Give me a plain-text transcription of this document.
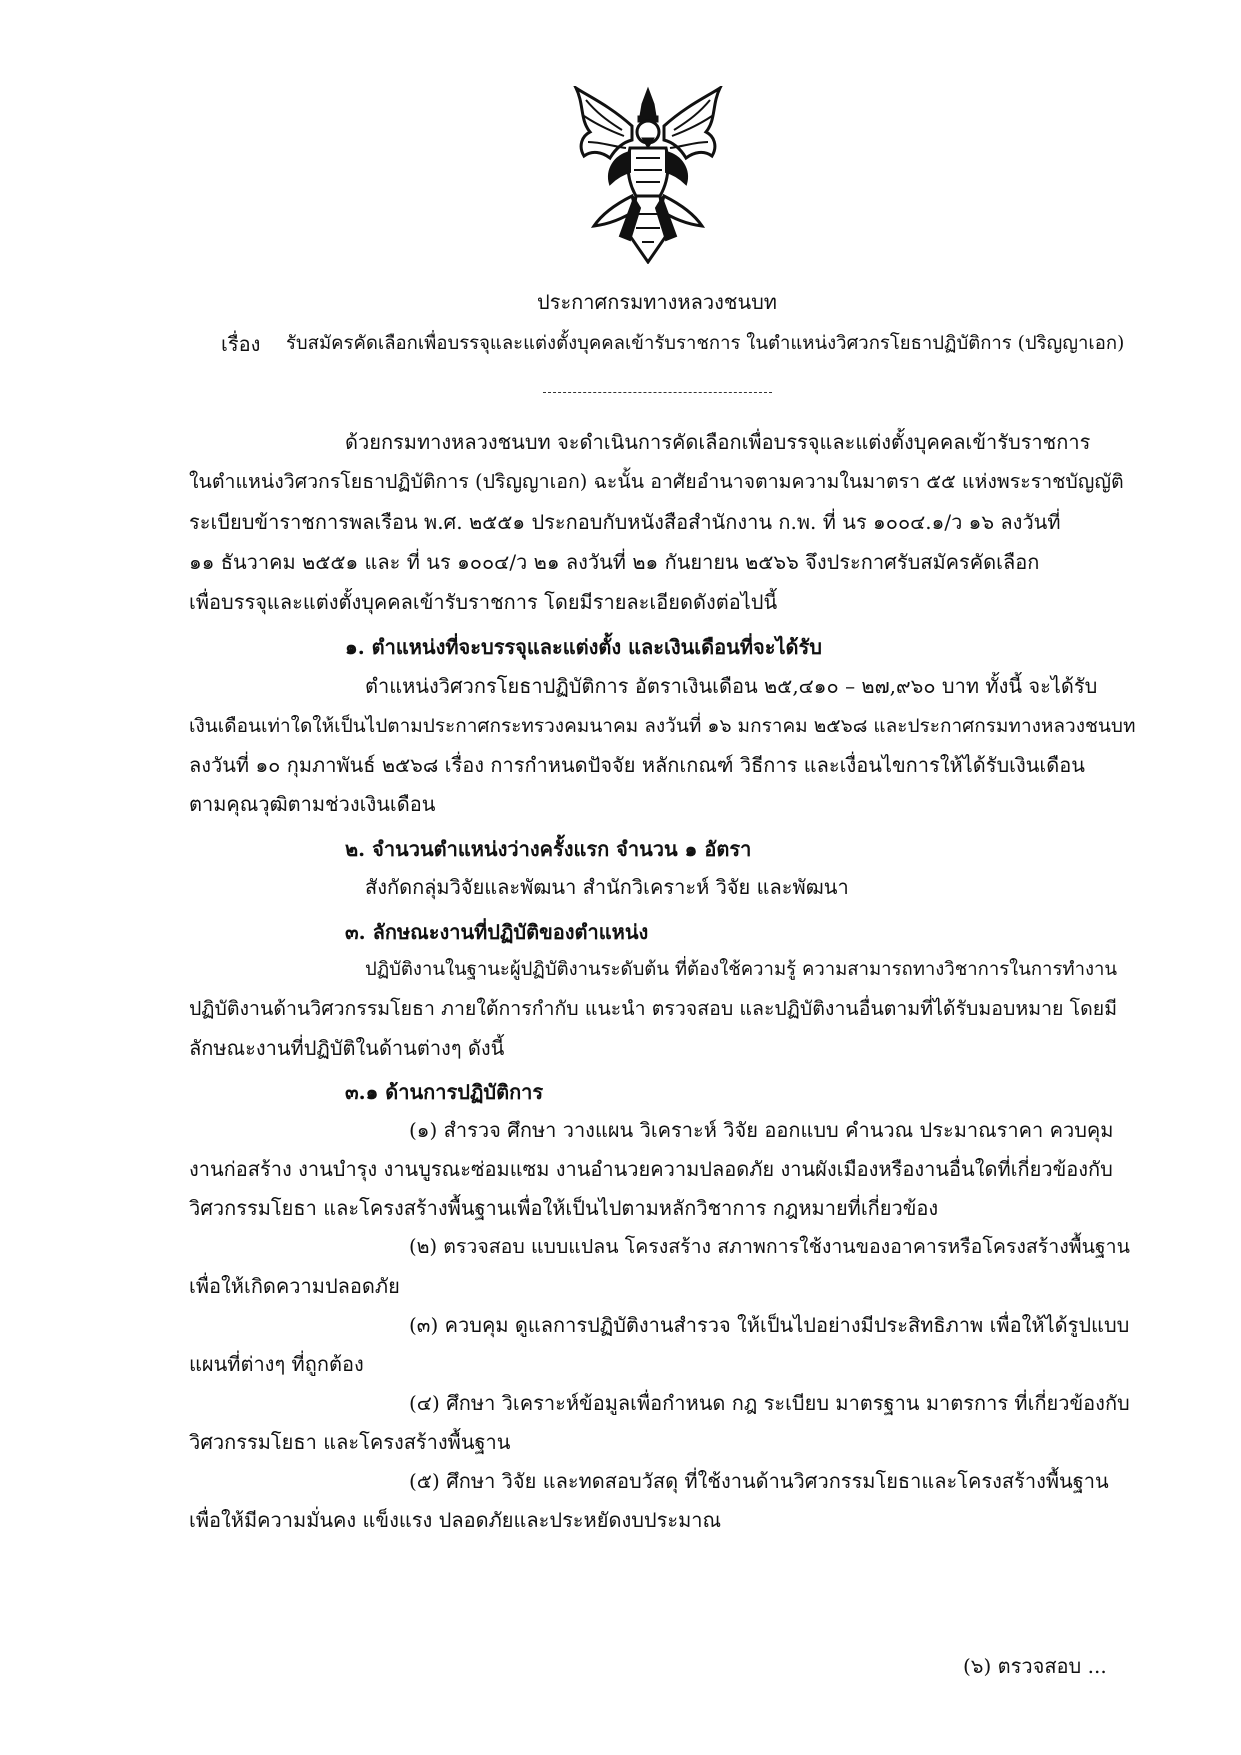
ประกาศกรมทางหลวงชนบท
เรื่อง รับสมัครคัดเลือกเพื่อบรรจุและแต่งตั้งบุคคลเข้ารับราชการ ในตำแหน่งวิศวกรโยธาปฏิบัติการ (ปริญญาเอก)
ด้วยกรมทางหลวงชนบท จะดำเนินการคัดเลือกเพื่อบรรจุและแต่งตั้งบุคคลเข้ารับราชการ
ในตำแหน่งวิศวกรโยธาปฏิบัติการ (ปริญญาเอก) ฉะนั้น อาศัยอำนาจตามความในมาตรา ๕๕ แห่งพระราชบัญญัติ
ระเบียบข้าราชการพลเรือน พ.ศ. ๒๕๕๑ ประกอบกับหนังสือสำนักงาน ก.พ. ที่ นร ๑๐๐๔.๑/ว ๑๖ ลงวันที่
๑๑ ธันวาคม ๒๕๕๑ และ ที่ นร ๑๐๐๔/ว ๒๑ ลงวันที่ ๒๑ กันยายน ๒๕๖๖ จึงประกาศรับสมัครคัดเลือก
เพื่อบรรจุและแต่งตั้งบุคคลเข้ารับราชการ โดยมีรายละเอียดดังต่อไปนี้
๑. ตำแหน่งที่จะบรรจุและแต่งตั้ง และเงินเดือนที่จะได้รับ
ตำแหน่งวิศวกรโยธาปฏิบัติการ อัตราเงินเดือน ๒๕,๔๑๐ – ๒๗,๙๖๐ บาท ทั้งนี้ จะได้รับ
เงินเดือนเท่าใดให้เป็นไปตามประกาศกระทรวงคมนาคม ลงวันที่ ๑๖ มกราคม ๒๕๖๘ และประกาศกรมทางหลวงชนบท
ลงวันที่ ๑๐ กุมภาพันธ์ ๒๕๖๘ เรื่อง การกำหนดปัจจัย หลักเกณฑ์ วิธีการ และเงื่อนไขการให้ได้รับเงินเดือน
ตามคุณวุฒิตามช่วงเงินเดือน
๒. จำนวนตำแหน่งว่างครั้งแรก จำนวน ๑ อัตรา
สังกัดกลุ่มวิจัยและพัฒนา สำนักวิเคราะห์ วิจัย และพัฒนา
๓. ลักษณะงานที่ปฏิบัติของตำแหน่ง
ปฏิบัติงานในฐานะผู้ปฏิบัติงานระดับต้น ที่ต้องใช้ความรู้ ความสามารถทางวิชาการในการทำงาน
ปฏิบัติงานด้านวิศวกรรมโยธา ภายใต้การกำกับ แนะนำ ตรวจสอบ และปฏิบัติงานอื่นตามที่ได้รับมอบหมาย โดยมี
ลักษณะงานที่ปฏิบัติในด้านต่างๆ ดังนี้
๓.๑ ด้านการปฏิบัติการ
(๑) สำรวจ ศึกษา วางแผน วิเคราะห์ วิจัย ออกแบบ คำนวณ ประมาณราคา ควบคุม
งานก่อสร้าง งานบำรุง งานบูรณะซ่อมแซม งานอำนวยความปลอดภัย งานผังเมืองหรืองานอื่นใดที่เกี่ยวข้องกับ
วิศวกรรมโยธา และโครงสร้างพื้นฐานเพื่อให้เป็นไปตามหลักวิชาการ กฎหมายที่เกี่ยวข้อง
(๒) ตรวจสอบ แบบแปลน โครงสร้าง สภาพการใช้งานของอาคารหรือโครงสร้างพื้นฐาน
เพื่อให้เกิดความปลอดภัย
(๓) ควบคุม ดูแลการปฏิบัติงานสำรวจ ให้เป็นไปอย่างมีประสิทธิภาพ เพื่อให้ได้รูปแบบ
แผนที่ต่างๆ ที่ถูกต้อง
(๔) ศึกษา วิเคราะห์ข้อมูลเพื่อกำหนด กฎ ระเบียบ มาตรฐาน มาตรการ ที่เกี่ยวข้องกับ
วิศวกรรมโยธา และโครงสร้างพื้นฐาน
(๕) ศึกษา วิจัย และทดสอบวัสดุ ที่ใช้งานด้านวิศวกรรมโยธาและโครงสร้างพื้นฐาน
เพื่อให้มีความมั่นคง แข็งแรง ปลอดภัยและประหยัดงบประมาณ
(๖) ตรวจสอบ ...
